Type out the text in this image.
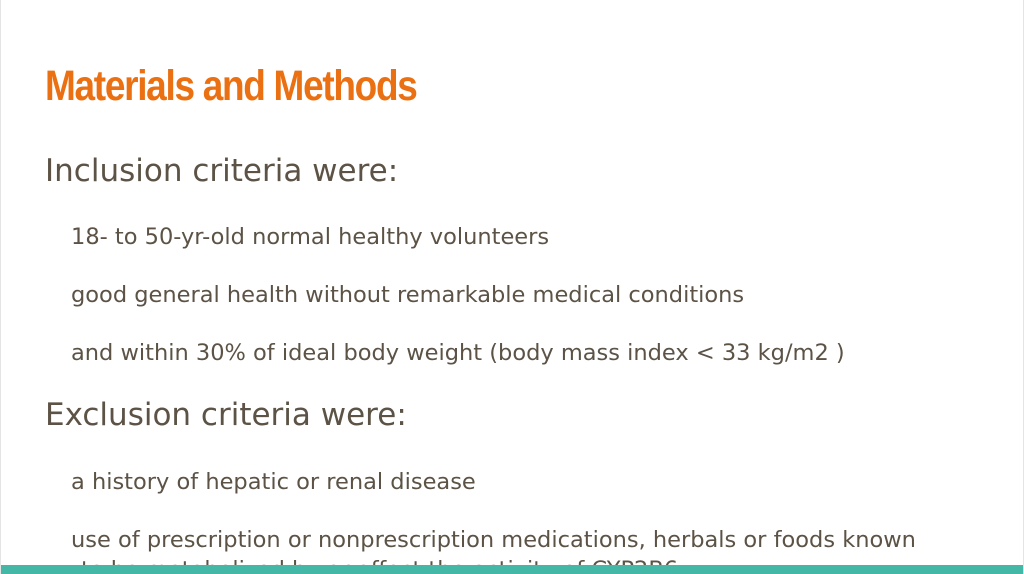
Materials and Methods
Inclusion criteria were:
18- to 50-yr-old normal healthy volunteers
good general health without remarkable medical conditions
and within 30% of ideal body weight (body mass index < 33 kg/m2 )
Exclusion criteria were:
a history of hepatic or renal disease
use of prescription or nonprescription medications, herbals or foods known
